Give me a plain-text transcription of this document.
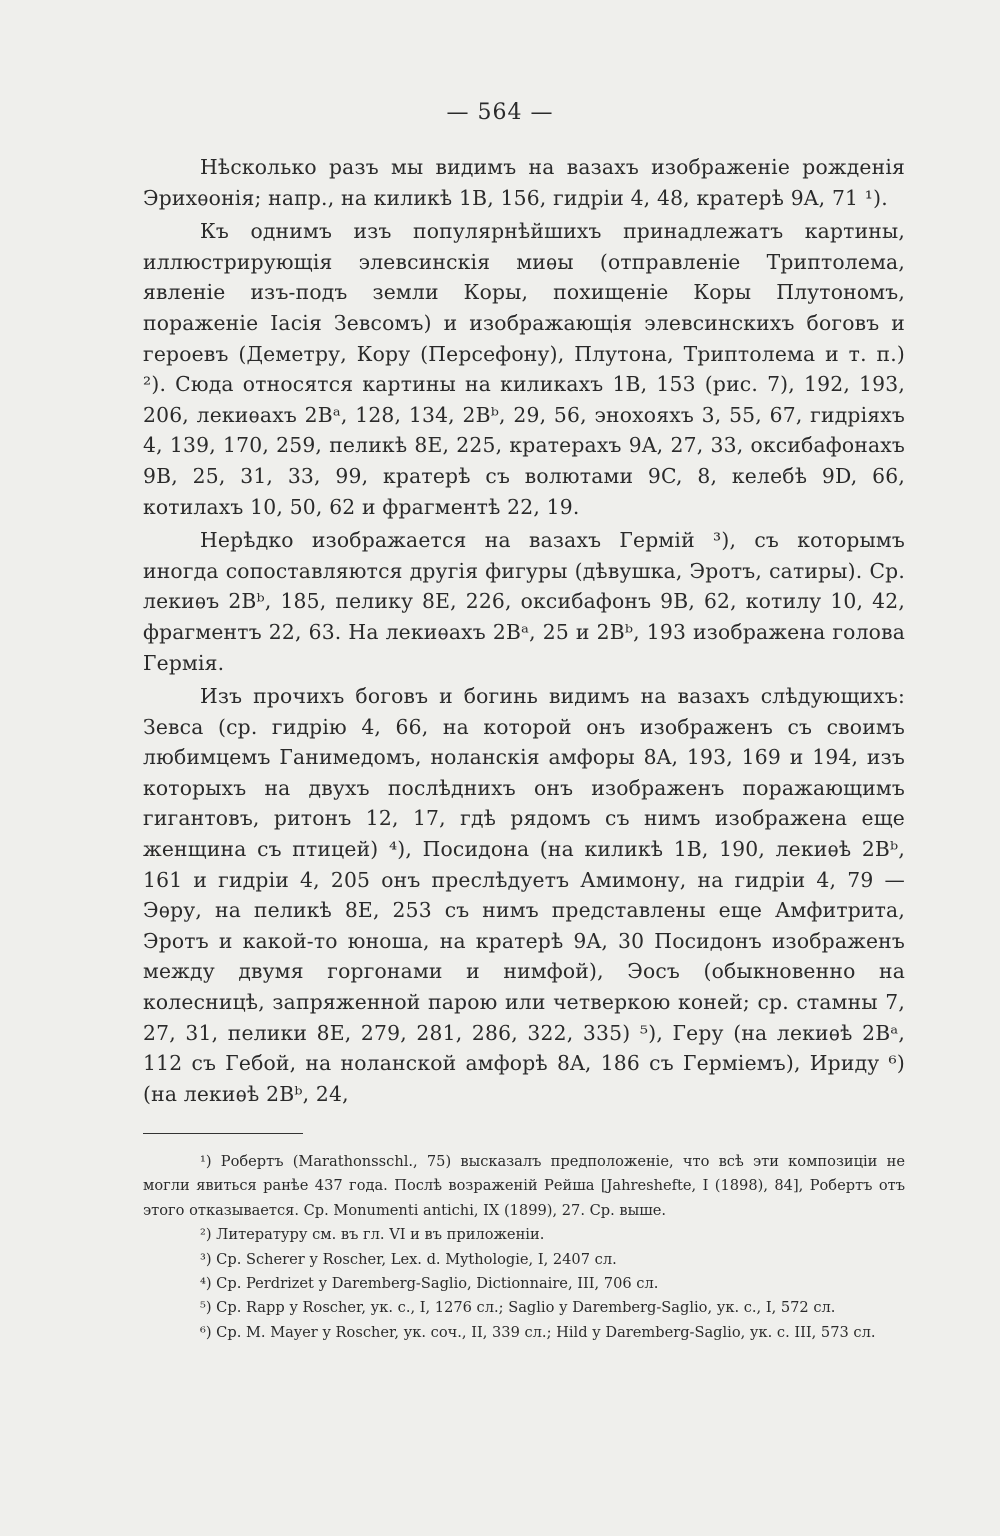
— 564 —

Нѣсколько разъ мы видимъ на вазахъ изображеніе рожденія Эрихѳонія; напр., на киликѣ 1B, 156, гидріи 4, 48, кратерѣ 9A, 71 ¹).

Къ однимъ изъ популярнѣйшихъ принадлежатъ картины, иллюстрирующія элевсинскія миѳы (отправленіе Триптолема, явленіе изъ-подъ земли Коры, похищеніе Коры Плутономъ, пораженіе Іасія Зевсомъ) и изображающія элевсинскихъ боговъ и героевъ (Деметру, Кору (Персефону), Плутона, Триптолема и т. п.) ²). Сюда относятся картины на киликахъ 1B, 153 (рис. 7), 192, 193, 206, лекиѳахъ 2Bᵃ, 128, 134, 2Bᵇ, 29, 56, энохояхъ 3, 55, 67, гидріяхъ 4, 139, 170, 259, пеликѣ 8E, 225, кратерахъ 9A, 27, 33, оксибафонахъ 9B, 25, 31, 33, 99, кратерѣ съ волютами 9C, 8, келебѣ 9D, 66, котилахъ 10, 50, 62 и фрагментѣ 22, 19.

Нерѣдко изображается на вазахъ Гермій ³), съ которымъ иногда сопоставляются другія фигуры (дѣвушка, Эротъ, сатиры). Ср. лекиѳъ 2Bᵇ, 185, пелику 8E, 226, оксибафонъ 9B, 62, котилу 10, 42, фрагментъ 22, 63. На лекиѳахъ 2Bᵃ, 25 и 2Bᵇ, 193 изображена голова Гермія.

Изъ прочихъ боговъ и богинь видимъ на вазахъ слѣдующихъ: Зевса (ср. гидрію 4, 66, на которой онъ изображенъ съ своимъ любимцемъ Ганимедомъ, ноланскія амфоры 8A, 193, 169 и 194, изъ которыхъ на двухъ послѣднихъ онъ изображенъ поражающимъ гигантовъ, ритонъ 12, 17, гдѣ рядомъ съ нимъ изображена еще женщина съ птицей) ⁴), Посидона (на киликѣ 1B, 190, лекиѳѣ 2Bᵇ, 161 и гидріи 4, 205 онъ преслѣдуетъ Амимону, на гидріи 4, 79 — Эѳру, на пеликѣ 8E, 253 съ нимъ представлены еще Амфитрита, Эротъ и какой-то юноша, на кратерѣ 9A, 30 Посидонъ изображенъ между двумя горгонами и нимфой), Эосъ (обыкновенно на колесницѣ, запряженной парою или четверкою коней; ср. стамны 7, 27, 31, пелики 8E, 279, 281, 286, 322, 335) ⁵), Геру (на лекиѳѣ 2Bᵃ, 112 съ Гебой, на ноланской амфорѣ 8A, 186 съ Герміемъ), Ириду ⁶) (на лекиѳѣ 2Bᵇ, 24,

¹) Робертъ (Marathonsschl., 75) высказалъ предположеніе, что всѣ эти композиціи не могли явиться ранѣе 437 года. Послѣ возраженій Рейша [Jahreshefte, I (1898), 84], Робертъ отъ этого отказывается. Ср. Monumenti antichi, IX (1899), 27. Ср. выше.

²) Литературу см. въ гл. VI и въ приложеніи.

³) Ср. Scherer у Roscher, Lex. d. Mythologie, I, 2407 сл.

⁴) Ср. Perdrizet у Daremberg-Saglio, Dictionnaire, III, 706 сл.

⁵) Ср. Rapp у Roscher, ук. с., I, 1276 сл.; Saglio у Daremberg-Saglio, ук. с., I, 572 сл.

⁶) Ср. M. Mayer у Roscher, ук. соч., II, 339 сл.; Hild у Daremberg-Saglio, ук. с. III, 573 сл.
